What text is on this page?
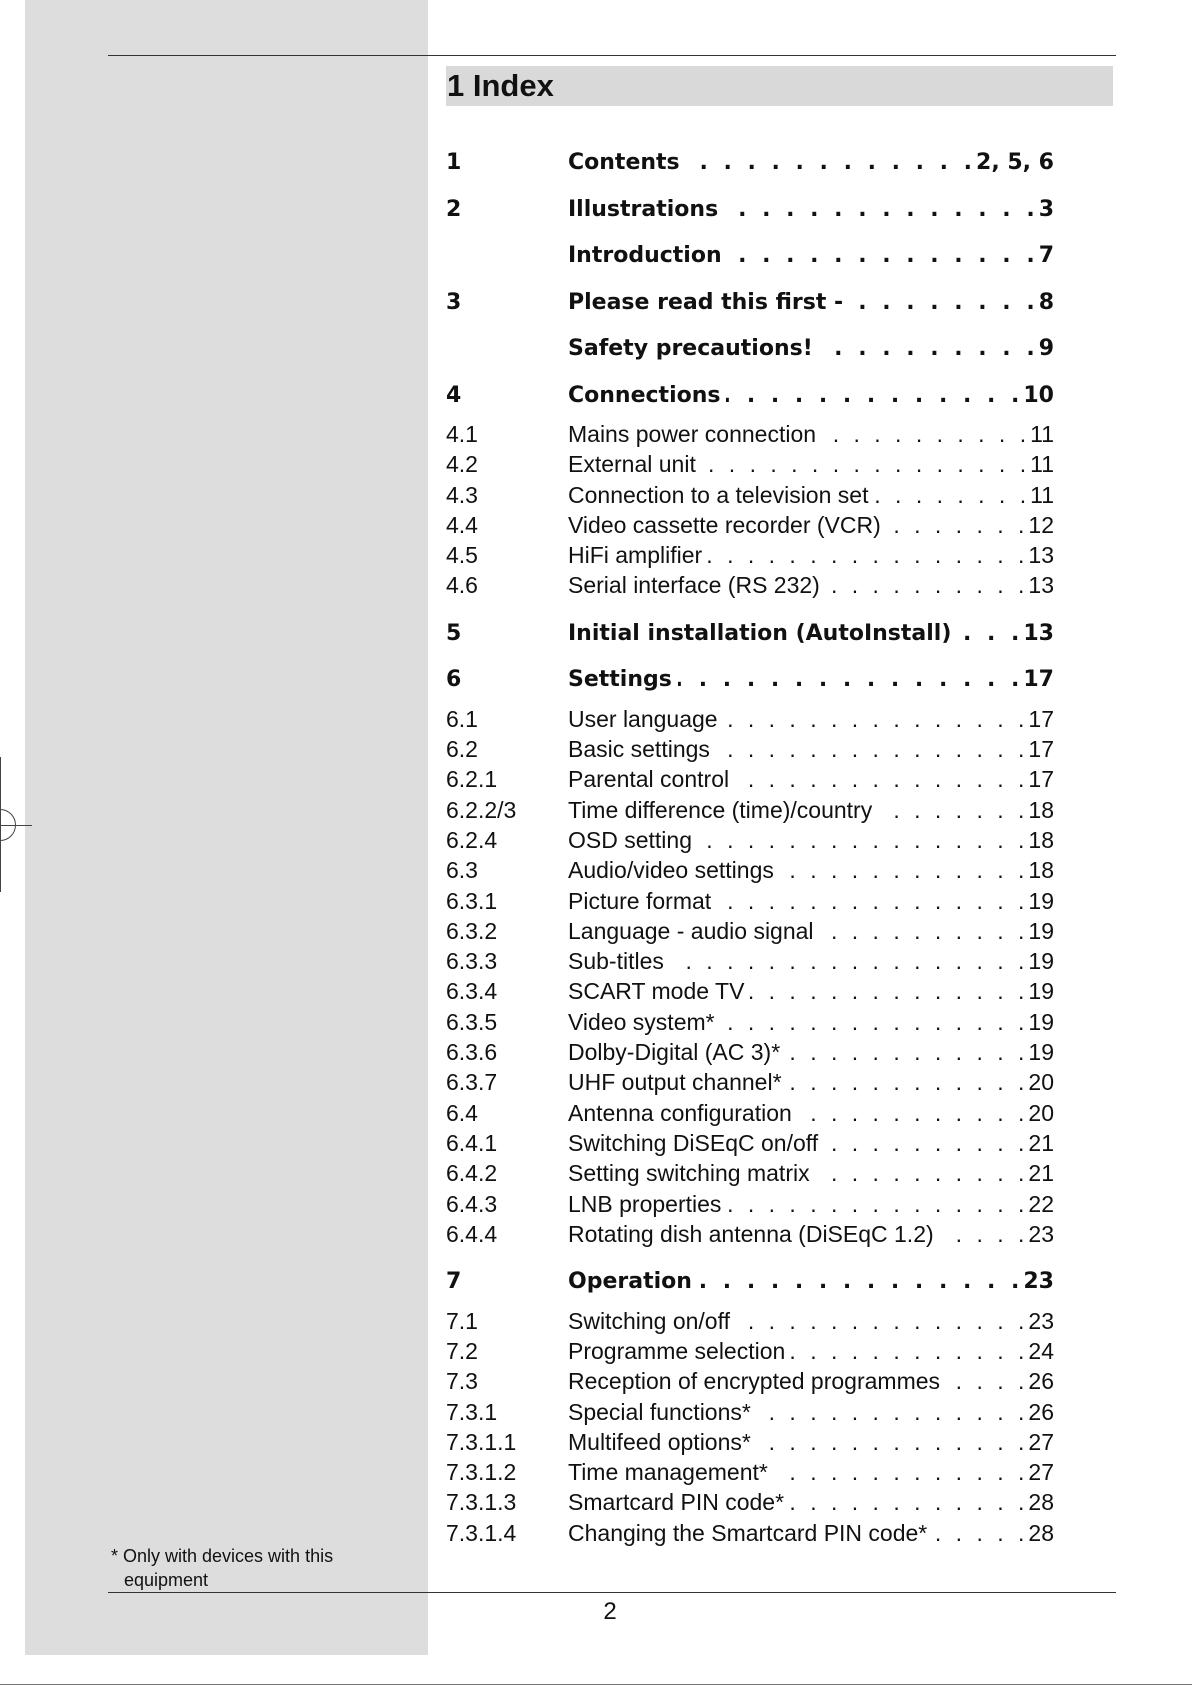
1 Index
1	Contents . . .	2, 5, 6
2	Illustrations . . .	3
Introduction . . .	7
3	Please read this first - . . .	8
Safety precautions! . . .	9
4	Connections . . .	10
4.1	Mains power connection . . .	11
4.2	External unit . . .	11
4.3	Connection to a television set . . .	11
4.4	Video cassette recorder (VCR) . . .	12
4.5	HiFi amplifier . . .	13
4.6	Serial interface (RS 232) . . .	13
5	Initial installation (AutoInstall) . . .	13
6	Settings . . .	17
6.1	User language . . .	17
6.2	Basic settings . . .	17
6.2.1	Parental control . . .	17
6.2.2/3	Time difference (time)/country . . .	18
6.2.4	OSD setting . . .	18
6.3	Audio/video settings . . .	18
6.3.1	Picture format . . .	19
6.3.2	Language - audio signal . . .	19
6.3.3	Sub-titles . . .	19
6.3.4	SCART mode TV . . .	19
6.3.5	Video system* . . .	19
6.3.6	Dolby-Digital (AC 3)* . . .	19
6.3.7	UHF output channel* . . .	20
6.4	Antenna configuration . . .	20
6.4.1	Switching DiSEqC on/off . . .	21
6.4.2	Setting switching matrix . . .	21
6.4.3	LNB properties . . .	22
6.4.4	Rotating dish antenna (DiSEqC 1.2) . . .	23
7	Operation . . .	23
7.1	Switching on/off . . .	23
7.2	Programme selection . . .	24
7.3	Reception of encrypted programmes . . .	26
7.3.1	Special functions* . . .	26
7.3.1.1	Multifeed options* . . .	27
7.3.1.2	Time management* . . .	27
7.3.1.3	Smartcard PIN code* . . .	28
7.3.1.4	Changing the Smartcard PIN code* . . .	28
* Only with devices with this
equipment
2
